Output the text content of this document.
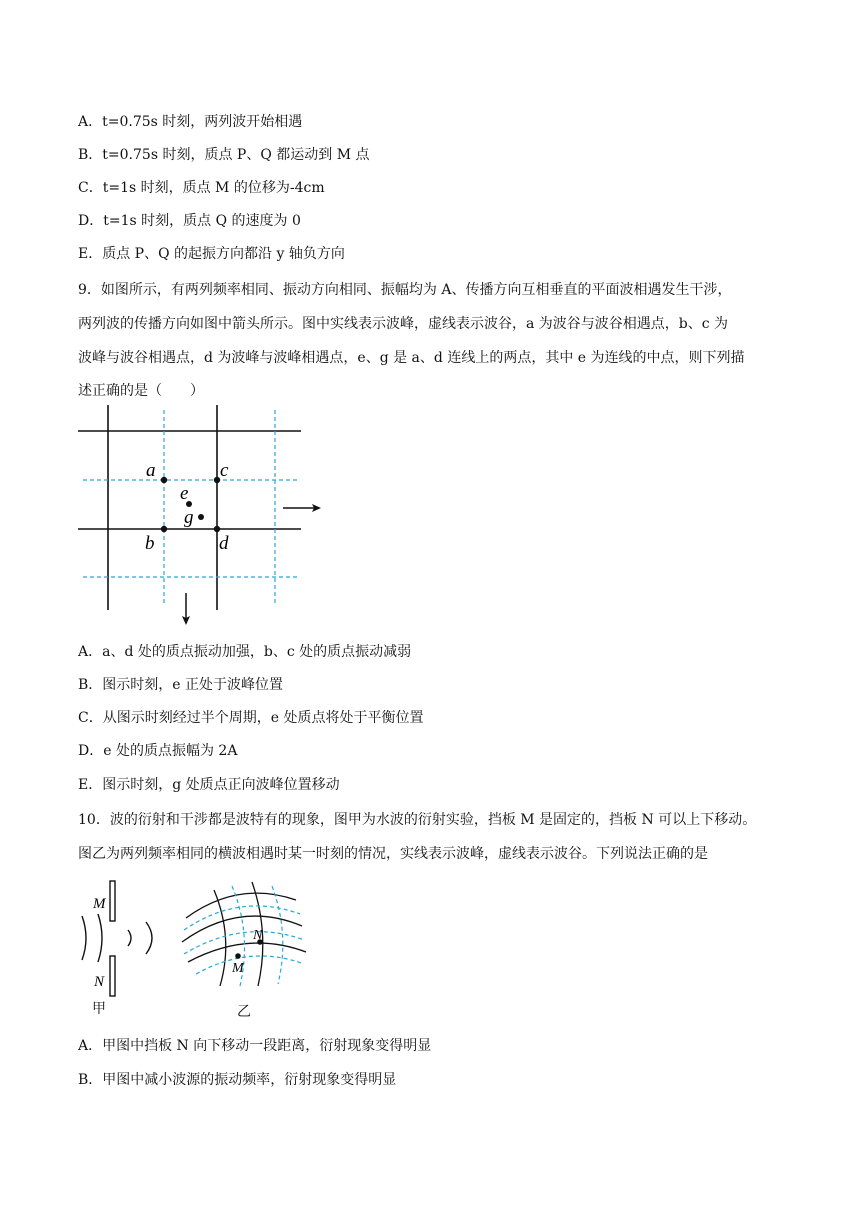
A．t=0.75s 时刻，两列波开始相遇
B．t=0.75s 时刻，质点 P、Q 都运动到 M 点
C．t=1s 时刻，质点 M 的位移为-4cm
D．t=1s 时刻，质点 Q 的速度为 0
E．质点 P、Q 的起振方向都沿 y 轴负方向
9．如图所示，有两列频率相同、振动方向相同、振幅均为 A、传播方向互相垂直的平面波相遇发生干涉，
两列波的传播方向如图中箭头所示。图中实线表示波峰，虚线表示波谷，a 为波谷与波谷相遇点，b、c 为
波峰与波谷相遇点，d 为波峰与波峰相遇点，e、g 是 a、d 连线上的两点，其中 e 为连线的中点，则下列描
述正确的是（　　）
a	c
e
g
b	d
A．a、d 处的质点振动加强，b、c 处的质点振动减弱
B．图示时刻，e 正处于波峰位置
C．从图示时刻经过半个周期，e 处质点将处于平衡位置
D．e 处的质点振幅为 2A
E．图示时刻，g 处质点正向波峰位置移动
10．波的衍射和干涉都是波特有的现象，图甲为水波的衍射实验，挡板 M 是固定的，挡板 N 可以上下移动。
图乙为两列频率相同的横波相遇时某一时刻的情况，实线表示波峰，虚线表示波谷。下列说法正确的是
M
N
甲
N
M
乙
A．甲图中挡板 N 向下移动一段距离，衍射现象变得明显
B．甲图中减小波源的振动频率，衍射现象变得明显
